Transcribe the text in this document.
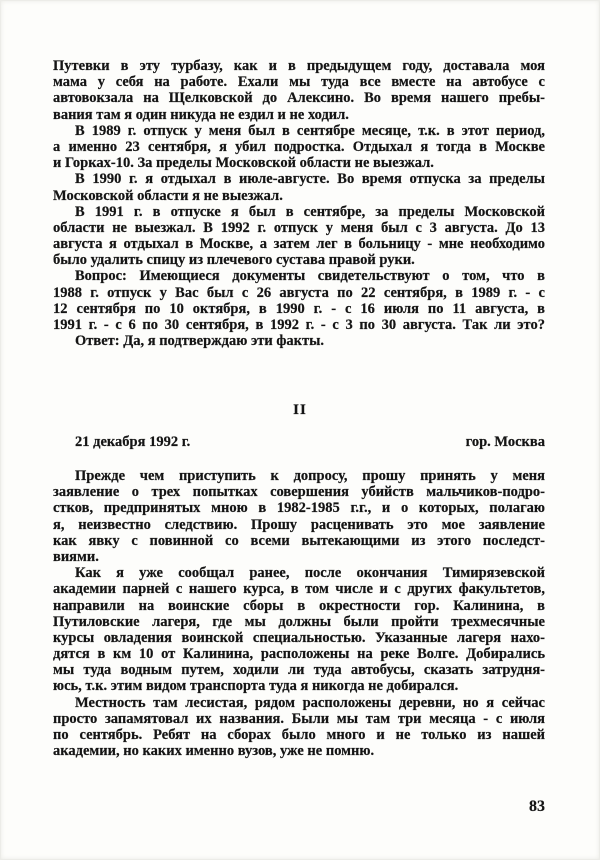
Путевки в эту турбазу, как и в предыдущем году, доставала моя
мама у себя на работе. Ехали мы туда все вместе на автобусе с
автовокзала на Щелковской до Алексино. Во время нашего пребы-
вания там я один никуда не ездил и не ходил.
В 1989 г. отпуск у меня был в сентябре месяце, т.к. в этот период,
а именно 23 сентября, я убил подростка. Отдыхал я тогда в Москве
и Горках-10. За пределы Московской области не выезжал.
В 1990 г. я отдыхал в июле-августе. Во время отпуска за пределы
Московской области я не выезжал.
В 1991 г. в отпуске я был в сентябре, за пределы Московской
области не выезжал. В 1992 г. отпуск у меня был с 3 августа. До 13
августа я отдыхал в Москве, а затем лег в больницу - мне необходимо
было удалить спицу из плечевого сустава правой руки.
Вопрос: Имеющиеся документы свидетельствуют о том, что в
1988 г. отпуск у Вас был с 26 августа по 22 сентября, в 1989 г. - с
12 сентября по 10 октября, в 1990 г. - с 16 июля по 11 августа, в
1991 г. - с 6 по 30 сентября, в 1992 г. - с 3 по 30 августа. Так ли это?
Ответ: Да, я подтверждаю эти факты.
II
21 декабря 1992 г.	гор. Москва
Прежде чем приступить к допросу, прошу принять у меня
заявление о трех попытках совершения убийств мальчиков-подро-
стков, предпринятых мною в 1982-1985 г.г., и о которых, полагаю
я, неизвестно следствию. Прошу расценивать это мое заявление
как явку с повинной со всеми вытекающими из этого последст-
виями.
Как я уже сообщал ранее, после окончания Тимирязевской
академии парней с нашего курса, в том числе и с других факультетов,
направили на воинские сборы в окрестности гор. Калинина, в
Путиловские лагеря, где мы должны были пройти трехмесячные
курсы овладения воинской специальностью. Указанные лагеря нахо-
дятся в км 10 от Калинина, расположены на реке Волге. Добирались
мы туда водным путем, ходили ли туда автобусы, сказать затрудня-
юсь, т.к. этим видом транспорта туда я никогда не добирался.
Местность там лесистая, рядом расположены деревни, но я сейчас
просто запамятовал их названия. Были мы там три месяца - с июля
по сентябрь. Ребят на сборах было много и не только из нашей
академии, но каких именно вузов, уже не помню.
83
